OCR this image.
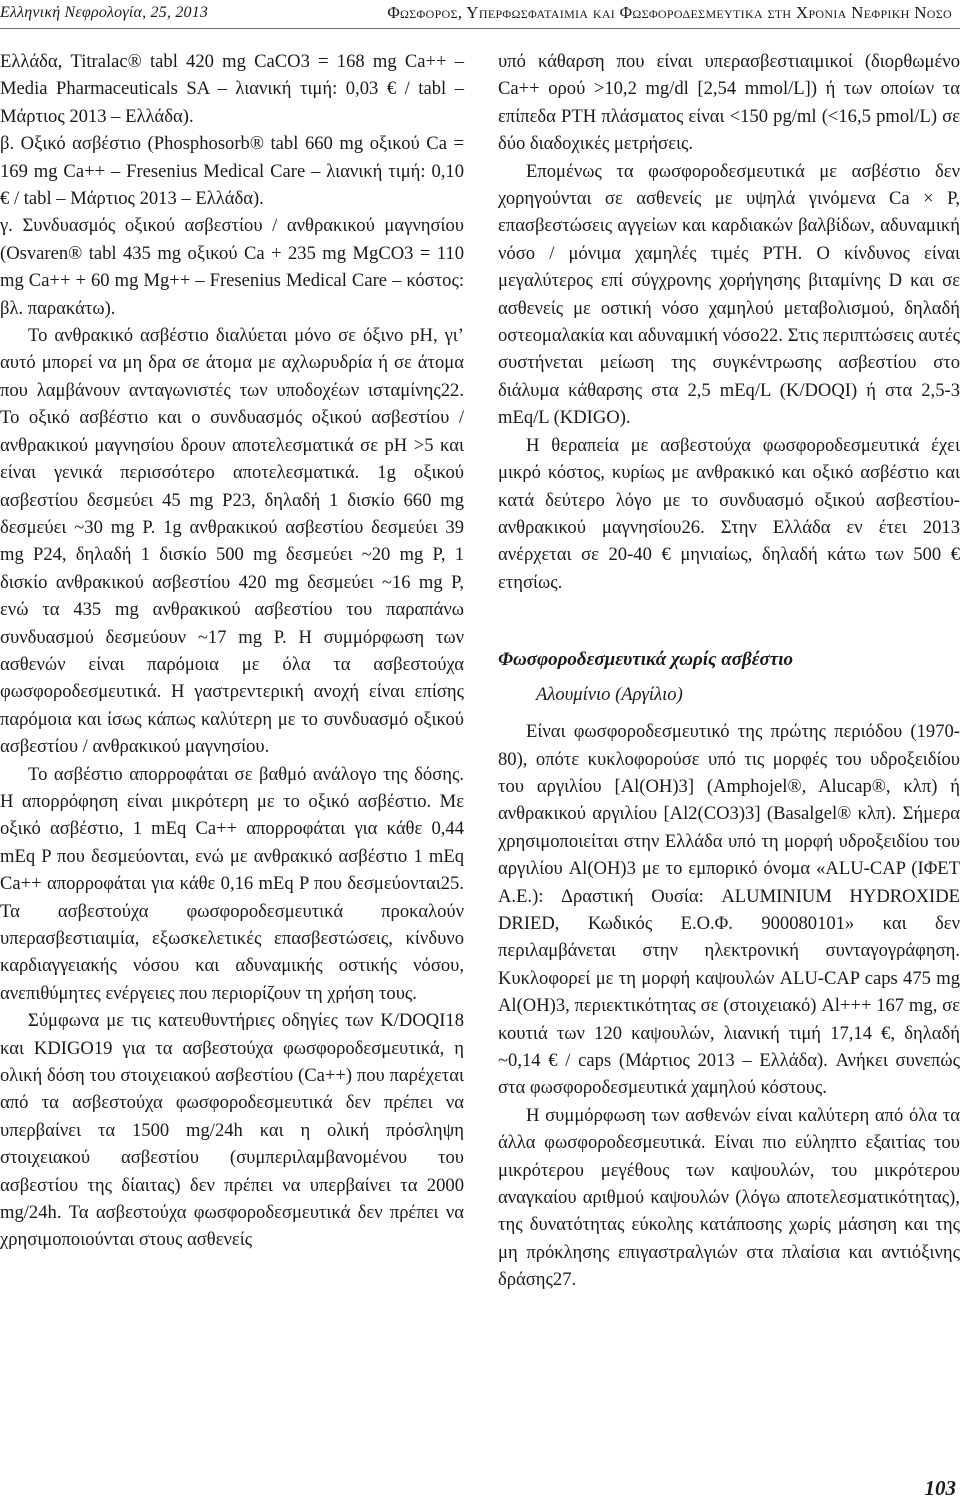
Ελληνική Νεφρολογία, 25, 2013	Φωσφορος, Υπερφωσφαταιμια και Φωσφοροδεσμευτικα στη Χρονια Νεφρικη Νοσο

Ελλάδα, Titralac® tabl 420 mg CaCO3 = 168 mg Ca++ – Media Pharmaceuticals SA – λιανική τιμή: 0,03 € / tabl – Μάρτιος 2013 – Ελλάδα).

β. Οξικό ασβέστιο (Phosphosorb® tabl 660 mg οξικού Ca = 169 mg Ca++ – Fresenius Medical Care – λιανική τιμή: 0,10 € / tabl – Μάρτιος 2013 – Ελλάδα).

γ. Συνδυασμός οξικού ασβεστίου / ανθρακικού μαγνησίου (Osvaren® tabl 435 mg οξικού Ca + 235 mg MgCO3 = 110 mg Ca++ + 60 mg Mg++ – Fresenius Medical Care – κόστος: βλ. παρακάτω).

Το ανθρακικό ασβέστιο διαλύεται μόνο σε όξινο pH, γι’ αυτό μπορεί να μη δρα σε άτομα με αχλωρυδρία ή σε άτομα που λαμβάνουν ανταγωνιστές των υποδοχέων ισταμίνης22. Το οξικό ασβέστιο και ο συνδυασμός οξικού ασβεστίου / ανθρακικού μαγνησίου δρουν αποτελεσματικά σε pH >5 και είναι γενικά περισσότερο αποτελεσματικά. 1g οξικού ασβεστίου δεσμεύει 45 mg P23, δηλαδή 1 δισκίο 660 mg δεσμεύει ~30 mg P. 1g ανθρακικού ασβεστίου δεσμεύει 39 mg P24, δηλαδή 1 δισκίο 500 mg δεσμεύει ~20 mg P, 1 δισκίο ανθρακικού ασβεστίου 420 mg δεσμεύει ~16 mg P, ενώ τα 435 mg ανθρακικού ασβεστίου του παραπάνω συνδυασμού δεσμεύουν ~17 mg P. Η συμμόρφωση των ασθενών είναι παρόμοια με όλα τα ασβεστούχα φωσφοροδεσμευτικά. Η γαστρεντερική ανοχή είναι επίσης παρόμοια και ίσως κάπως καλύτερη με το συνδυασμό οξικού ασβεστίου / ανθρακικού μαγνησίου.

Το ασβέστιο απορροφάται σε βαθμό ανάλογο της δόσης. Η απορρόφηση είναι μικρότερη με το οξικό ασβέστιο. Με οξικό ασβέστιο, 1 mEq Ca++ απορροφάται για κάθε 0,44 mEq P που δεσμεύονται, ενώ με ανθρακικό ασβέστιο 1 mEq Ca++ απορροφάται για κάθε 0,16 mEq P που δεσμεύονται25. Τα ασβεστούχα φωσφοροδεσμευτικά προκαλούν υπερασβεστιαιμία, εξωσκελετικές επασβεστώσεις, κίνδυνο καρδιαγγειακής νόσου και αδυναμικής οστικής νόσου, ανεπιθύμητες ενέργειες που περιορίζουν τη χρήση τους.

Σύμφωνα με τις κατευθυντήριες οδηγίες των K/DOQI18 και KDIGO19 για τα ασβεστούχα φωσφοροδεσμευτικά, η ολική δόση του στοιχειακού ασβεστίου (Ca++) που παρέχεται από τα ασβεστούχα φωσφοροδεσμευτικά δεν πρέπει να υπερβαίνει τα 1500 mg/24h και η ολική πρόσληψη στοιχειακού ασβεστίου (συμπεριλαμβανομένου του ασβεστίου της δίαιτας) δεν πρέπει να υπερβαίνει τα 2000 mg/24h. Τα ασβεστούχα φωσφοροδεσμευτικά δεν πρέπει να χρησιμοποιούνται στους ασθενείς

υπό κάθαρση που είναι υπερασβεστιαιμικοί (διορθωμένο Ca++ ορού >10,2 mg/dl [2,54 mmol/L]) ή των οποίων τα επίπεδα PTH πλάσματος είναι <150 pg/ml (<16,5 pmol/L) σε δύο διαδοχικές μετρήσεις.

Επομένως τα φωσφοροδεσμευτικά με ασβέστιο δεν χορηγούνται σε ασθενείς με υψηλά γινόμενα Ca × P, επασβεστώσεις αγγείων και καρδιακών βαλβίδων, αδυναμική νόσο / μόνιμα χαμηλές τιμές PTH. Ο κίνδυνος είναι μεγαλύτερος επί σύγχρονης χορήγησης βιταμίνης D και σε ασθενείς με οστική νόσο χαμηλού μεταβολισμού, δηλαδή οστεομαλακία και αδυναμική νόσο22. Στις περιπτώσεις αυτές συστήνεται μείωση της συγκέντρωσης ασβεστίου στο διάλυμα κάθαρσης στα 2,5 mEq/L (K/DOQI) ή στα 2,5-3 mEq/L (KDIGO).

Η θεραπεία με ασβεστούχα φωσφοροδεσμευτικά έχει μικρό κόστος, κυρίως με ανθρακικό και οξικό ασβέστιο και κατά δεύτερο λόγο με το συνδυασμό οξικού ασβεστίου-ανθρακικού μαγνησίου26. Στην Ελλάδα εν έτει 2013 ανέρχεται σε 20-40 € μηνιαίως, δηλαδή κάτω των 500 € ετησίως.

Φωσφοροδεσμευτικά χωρίς ασβέστιο
Αλουμίνιο (Αργίλιο)

Είναι φωσφοροδεσμευτικό της πρώτης περιόδου (1970-80), οπότε κυκλοφορούσε υπό τις μορφές του υδροξειδίου του αργιλίου [Al(OH)3] (Amphojel®, Alucap®, κλπ) ή ανθρακικού αργιλίου [Al2(CO3)3] (Basalgel® κλπ). Σήμερα χρησιμοποιείται στην Ελλάδα υπό τη μορφή υδροξειδίου του αργιλίου Al(OH)3 με το εμπορικό όνομα «ALU-CAP (ΙΦΕΤ Α.Ε.): Δραστική Ουσία: ALUMINIUM HYDROXIDE DRIED, Κωδικός Ε.Ο.Φ. 900080101» και δεν περιλαμβάνεται στην ηλεκτρονική συνταγογράφηση. Κυκλοφορεί με τη μορφή καψουλών ALU-CAP caps 475 mg Al(OH)3, περιεκτικότητας σε (στοιχειακό) Al+++ 167 mg, σε κουτιά των 120 καψουλών, λιανική τιμή 17,14 €, δηλαδή ~0,14 € / caps (Μάρτιος 2013 – Ελλάδα). Ανήκει συνεπώς στα φωσφοροδεσμευτικά χαμηλού κόστους.

Η συμμόρφωση των ασθενών είναι καλύτερη από όλα τα άλλα φωσφοροδεσμευτικά. Είναι πιο εύληπτο εξαιτίας του μικρότερου μεγέθους των καψουλών, του μικρότερου αναγκαίου αριθμού καψουλών (λόγω αποτελεσματικότητας), της δυνατότητας εύκολης κατάποσης χωρίς μάσηση και της μη πρόκλησης επιγαστραλγιών στα πλαίσια και αντιόξινης δράσης27.

103
